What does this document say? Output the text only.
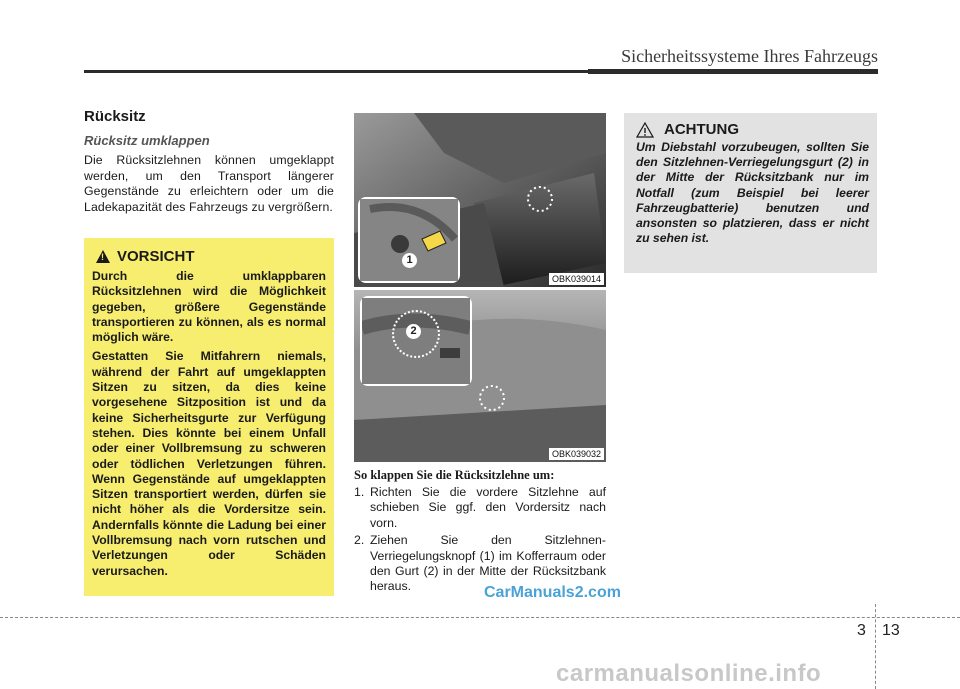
Sicherheitssysteme Ihres Fahrzeugs
Rücksitz
Rücksitz umklappen

Die Rücksitzlehnen können umgeklappt werden, um den Transport längerer Gegenstände zu erleichtern oder um die Ladekapazität des Fahrzeugs zu vergrößern.

!
VORSICHT

Durch die umklappbaren Rücksitzlehnen wird die Möglichkeit gegeben, größere Gegenstände transportieren zu können, als es normal möglich wäre.

Gestatten Sie Mitfahrern niemals, während der Fahrt auf umgeklappten Sitzen zu sitzen, da dies keine vorgesehene Sitzposition ist und da keine Sicherheitsgurte zur Verfügung stehen. Dies könnte bei einem Unfall oder einer Vollbremsung zu schweren oder tödlichen Verletzungen führen. Wenn Gegenstände auf umgeklappten Sitzen transportiert werden, dürfen sie nicht höher als die Vordersitze sein. Andernfalls könnte die Ladung bei einer Vollbremsung nach vorn rutschen und Verletzungen oder Schäden verursachen.

1
OBK039014
2
OBK039032
So klappen Sie die Rücksitzlehne um:
1. Richten Sie die vordere Sitzlehne auf schieben Sie ggf. den Vordersitz nach vorn.
2. Ziehen Sie den Sitzlehnen-Verriegelungsknopf (1) im Kofferraum oder den Gurt (2) in der Mitte der Rücksitzbank heraus.
ACHTUNG

Um Diebstahl vorzubeugen, sollten Sie den Sitzlehnen-Verriegelungsgurt (2) in der Mitte der Rücksitzbank nur im Notfall (zum Beispiel bei leerer Fahrzeugbatterie) benutzen und ansonsten so platzieren, dass er nicht zu sehen ist.

CarManuals2.com
3 13
carmanualsonline.info
